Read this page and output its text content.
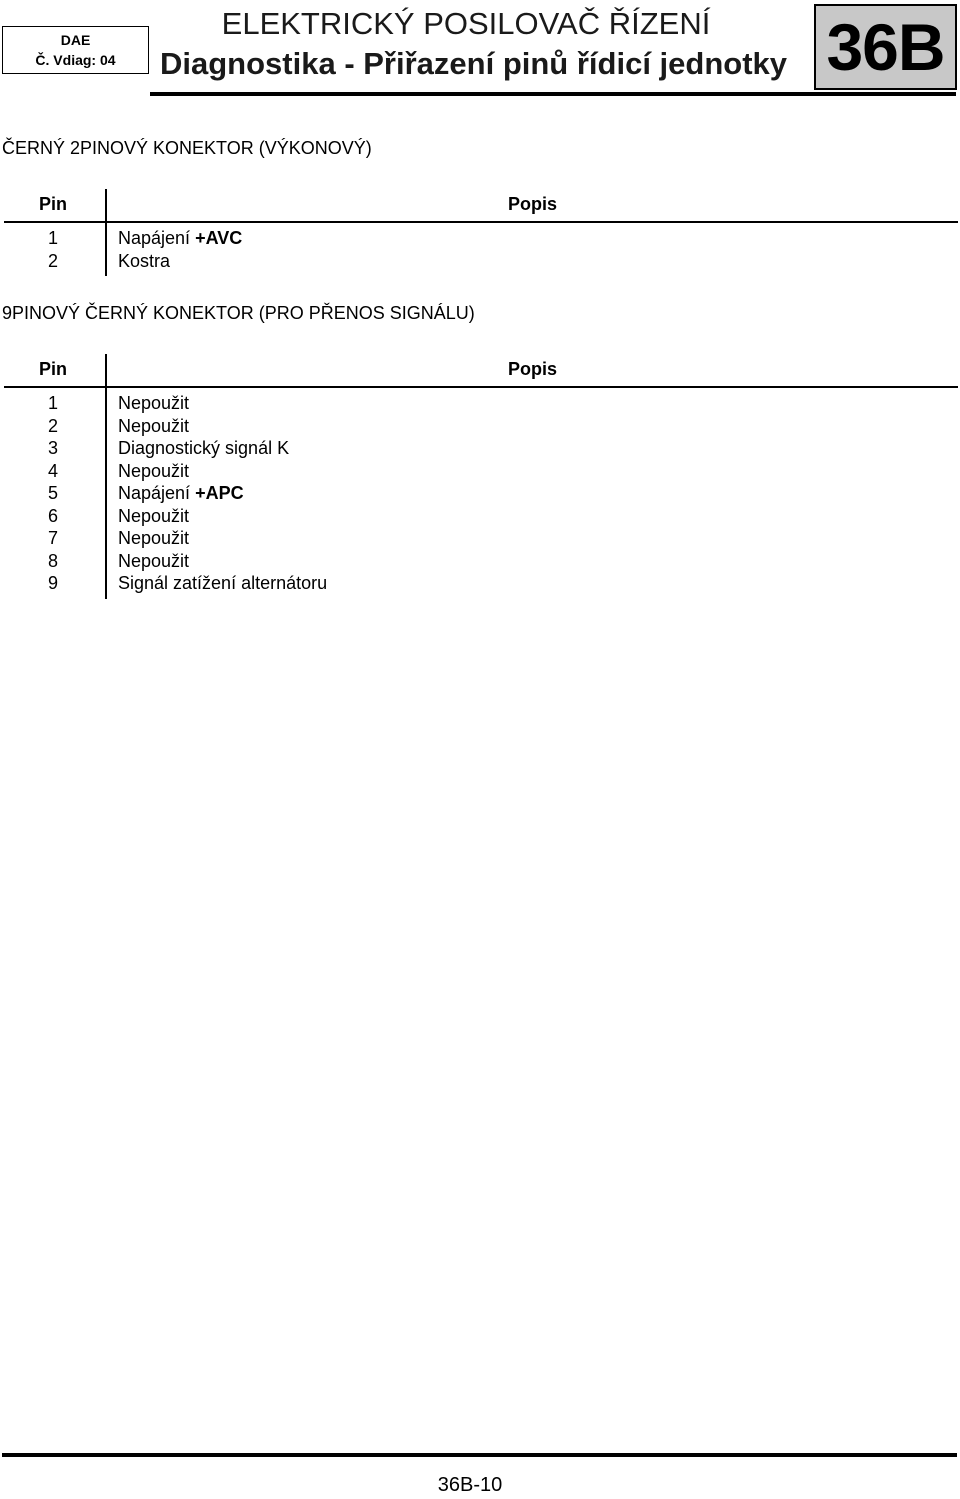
DAE
Č. Vdiag: 04
ELEKTRICKÝ POSILOVAČ ŘÍZENÍ
Diagnostika - Přiřazení pinů řídicí jednotky 36B
ČERNÝ 2PINOVÝ KONEKTOR (VÝKONOVÝ)
Pin	Popis
1	Napájení +AVC
2	Kostra
9PINOVÝ ČERNÝ KONEKTOR (PRO PŘENOS SIGNÁLU)
Pin	Popis
1	Nepoužit
2	Nepoužit
3	Diagnostický signál K
4	Nepoužit
5	Napájení +APC
6	Nepoužit
7	Nepoužit
8	Nepoužit
9	Signál zatížení alternátoru
36B-10
